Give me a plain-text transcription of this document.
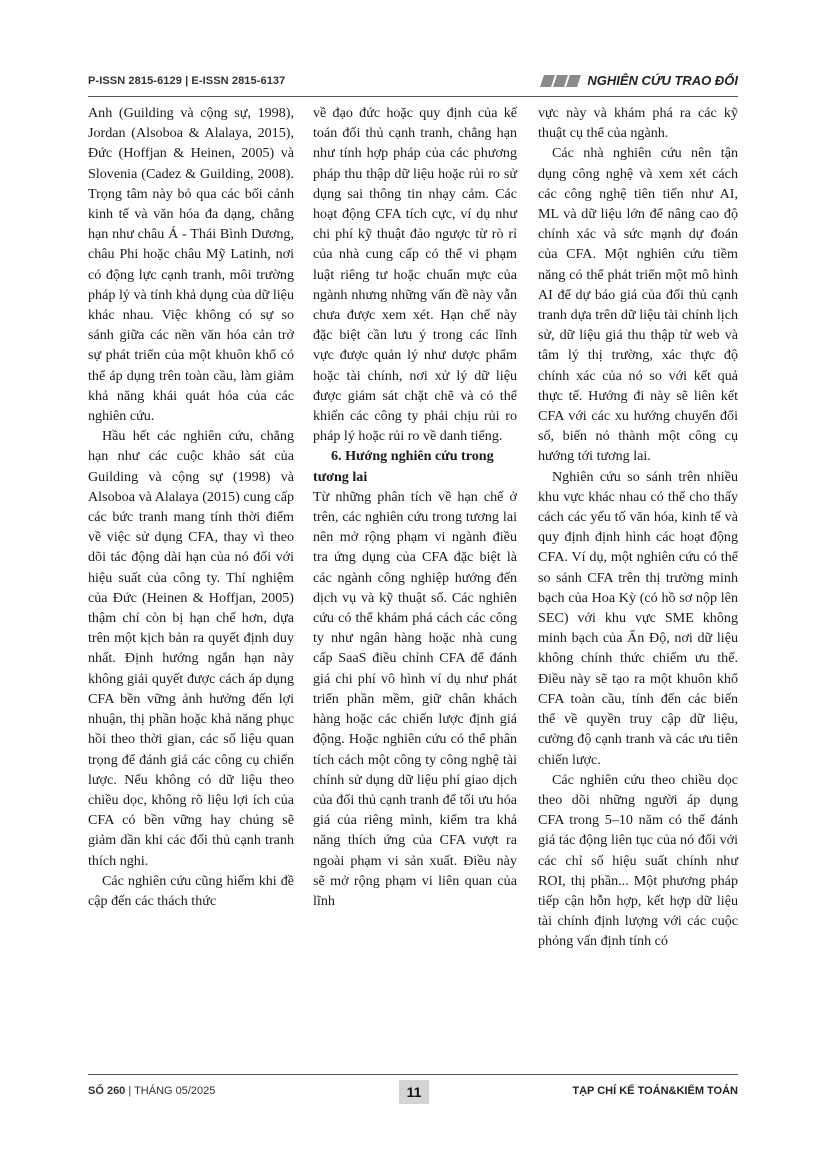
P-ISSN 2815-6129 | E-ISSN 2815-6137	NGHIÊN CỨU TRAO ĐỔI

Anh (Guilding và cộng sự, 1998), Jordan (Alsoboa & Alalaya, 2015), Đức (Hoffjan & Heinen, 2005) và Slovenia (Cadez & Guilding, 2008). Trọng tâm này bỏ qua các bối cảnh kinh tế và văn hóa đa dạng, chẳng hạn như châu Á - Thái Bình Dương, châu Phi hoặc châu Mỹ Latinh, nơi có động lực cạnh tranh, môi trường pháp lý và tính khả dụng của dữ liệu khác nhau. Việc không có sự so sánh giữa các nền văn hóa cản trở sự phát triển của một khuôn khổ có thể áp dụng trên toàn cầu, làm giảm khả năng khái quát hóa của các nghiên cứu.

Hầu hết các nghiên cứu, chẳng hạn như các cuộc khảo sát của Guilding và cộng sự (1998) và Alsoboa và Alalaya (2015) cung cấp các bức tranh mang tính thời điểm về việc sử dụng CFA, thay vì theo dõi tác động dài hạn của nó đối với hiệu suất của công ty. Thí nghiệm của Đức (Heinen & Hoffjan, 2005) thậm chí còn bị hạn chế hơn, dựa trên một kịch bản ra quyết định duy nhất. Định hướng ngắn hạn này không giải quyết được cách áp dụng CFA bền vững ảnh hưởng đến lợi nhuận, thị phần hoặc khả năng phục hồi theo thời gian, các số liệu quan trọng để đánh giá các công cụ chiến lược. Nếu không có dữ liệu theo chiều dọc, không rõ liệu lợi ích của CFA có bền vững hay chúng sẽ giảm dần khi các đối thủ cạnh tranh thích nghi.

Các nghiên cứu cũng hiếm khi đề cập đến các thách thức

về đạo đức hoặc quy định của kế toán đối thủ cạnh tranh, chẳng hạn như tính hợp pháp của các phương pháp thu thập dữ liệu hoặc rủi ro sử dụng sai thông tin nhạy cảm. Các hoạt động CFA tích cực, ví dụ như chi phí kỹ thuật đảo ngược từ rò rỉ của nhà cung cấp có thể vi phạm luật riêng tư hoặc chuẩn mực của ngành nhưng những vấn đề này vẫn chưa được xem xét. Hạn chế này đặc biệt cần lưu ý trong các lĩnh vực được quản lý như dược phẩm hoặc tài chính, nơi xử lý dữ liệu được giám sát chặt chẽ và có thể khiến các công ty phải chịu rủi ro pháp lý hoặc rủi ro về danh tiếng.

6. Hướng nghiên cứu trong tương lai

Từ những phân tích về hạn chế ở trên, các nghiên cứu trong tương lai nên mở rộng phạm vi ngành điều tra ứng dụng của CFA đặc biệt là các ngành công nghiệp hướng đến dịch vụ và kỹ thuật số. Các nghiên cứu có thể khám phá cách các công ty như ngân hàng hoặc nhà cung cấp SaaS điều chỉnh CFA để đánh giá chi phí vô hình ví dụ như phát triển phần mềm, giữ chân khách hàng hoặc các chiến lược định giá động. Hoặc nghiên cứu có thể phân tích cách một công ty công nghệ tài chính sử dụng dữ liệu phí giao dịch của đối thủ cạnh tranh để tối ưu hóa giá của riêng mình, kiểm tra khả năng thích ứng của CFA vượt ra ngoài phạm vi sản xuất. Điều này sẽ mở rộng phạm vi liên quan của lĩnh

vực này và khám phá ra các kỹ thuật cụ thể của ngành.

Các nhà nghiên cứu nên tận dụng công nghệ và xem xét cách các công nghệ tiên tiến như AI, ML và dữ liệu lớn để nâng cao độ chính xác và sức mạnh dự đoán của CFA. Một nghiên cứu tiềm năng có thể phát triển một mô hình AI để dự báo giá của đối thủ cạnh tranh dựa trên dữ liệu tài chính lịch sử, dữ liệu giá thu thập từ web và tâm lý thị trường, xác thực độ chính xác của nó so với kết quả thực tế. Hướng đi này sẽ liên kết CFA với các xu hướng chuyển đổi số, biến nó thành một công cụ hướng tới tương lai.

Nghiên cứu so sánh trên nhiều khu vực khác nhau có thể cho thấy cách các yếu tố văn hóa, kinh tế và quy định định hình các hoạt động CFA. Ví dụ, một nghiên cứu có thể so sánh CFA trên thị trường minh bạch của Hoa Kỳ (có hồ sơ nộp lên SEC) với khu vực SME không minh bạch của Ấn Độ, nơi dữ liệu không chính thức chiếm ưu thế. Điều này sẽ tạo ra một khuôn khổ CFA toàn cầu, tính đến các biến thể về quyền truy cập dữ liệu, cường độ cạnh tranh và các ưu tiên chiến lược.

Các nghiên cứu theo chiều dọc theo dõi những người áp dụng CFA trong 5–10 năm có thể đánh giá tác động liên tục của nó đối với các chỉ số hiệu suất chính như ROI, thị phần... Một phương pháp tiếp cận hỗn hợp, kết hợp dữ liệu tài chính định lượng với các cuộc phỏng vấn định tính có

SỐ 260 | THÁNG 05/2025	11	TẠP CHÍ KẾ TOÁN&KIỂM TOÁN
